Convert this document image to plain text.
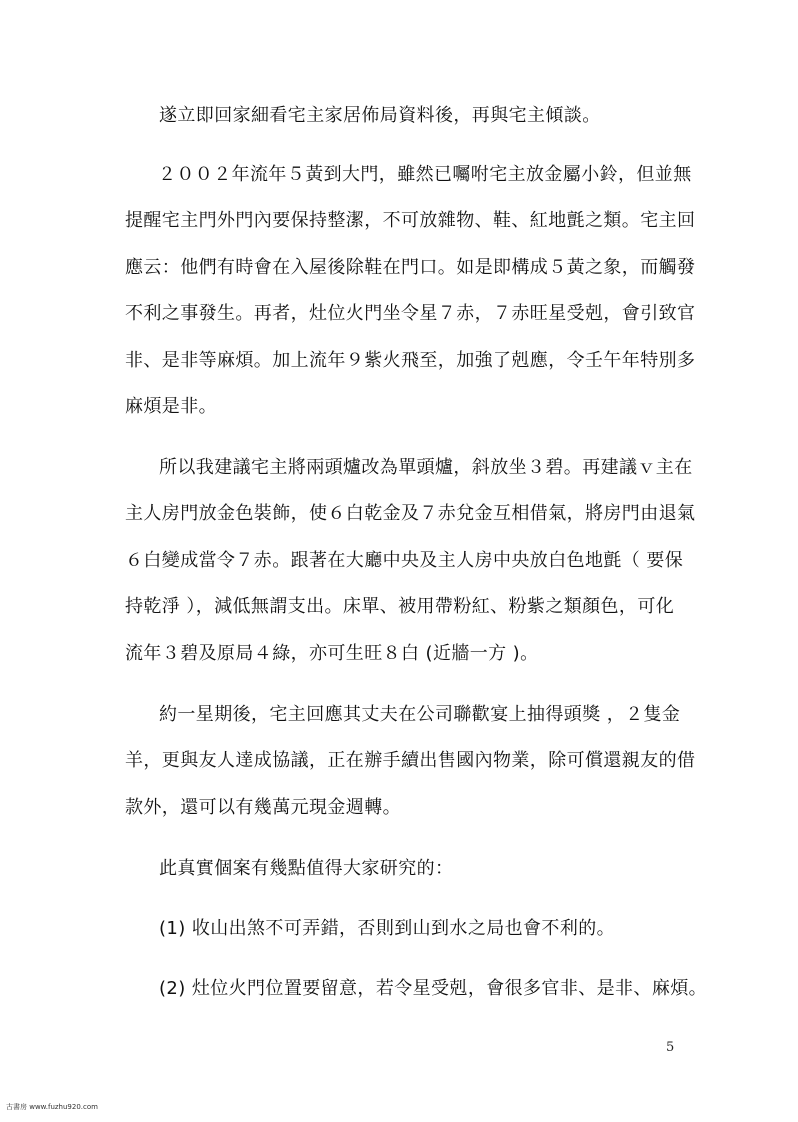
遂立即回家細看宅主家居佈局資料後，再與宅主傾談。
２００２年流年５黃到大門，雖然已囑咐宅主放金屬小鈴，但並無
提醒宅主門外門內要保持整潔，不可放雜物、鞋、紅地氈之類。宅主回
應云：他們有時會在入屋後除鞋在門口。如是即構成５黃之象，而觸發
不利之事發生。再者，灶位火門坐令星７赤，７赤旺星受剋，會引致官
非、是非等麻煩。加上流年９紫火飛至，加強了剋應，令壬午年特別多
麻煩是非。
所以我建議宅主將兩頭爐改為單頭爐，斜放坐３碧。再建議ｖ主在
主人房門放金色裝飾，使６白乾金及７赤兌金互相借氣，將房門由退氣
６白變成當令７赤。跟著在大廳中央及主人房中央放白色地氈（ 要保
持乾淨 ），減低無謂支出。床單、被用帶粉紅、粉紫之類顏色，可化
流年３碧及原局４綠，亦可生旺８白 (近牆一方 )。
約一星期後，宅主回應其丈夫在公司聯歡宴上抽得頭獎 ，２隻金
羊，更與友人達成協議，正在辦手續出售國內物業，除可償還親友的借
款外，還可以有幾萬元現金週轉。
此真實個案有幾點值得大家研究的：
(1) 收山出煞不可弄錯，否則到山到水之局也會不利的。
(2) 灶位火門位置要留意，若令星受剋，會很多官非、是非、麻煩。
5
古書房 www.fuzhu920.com
